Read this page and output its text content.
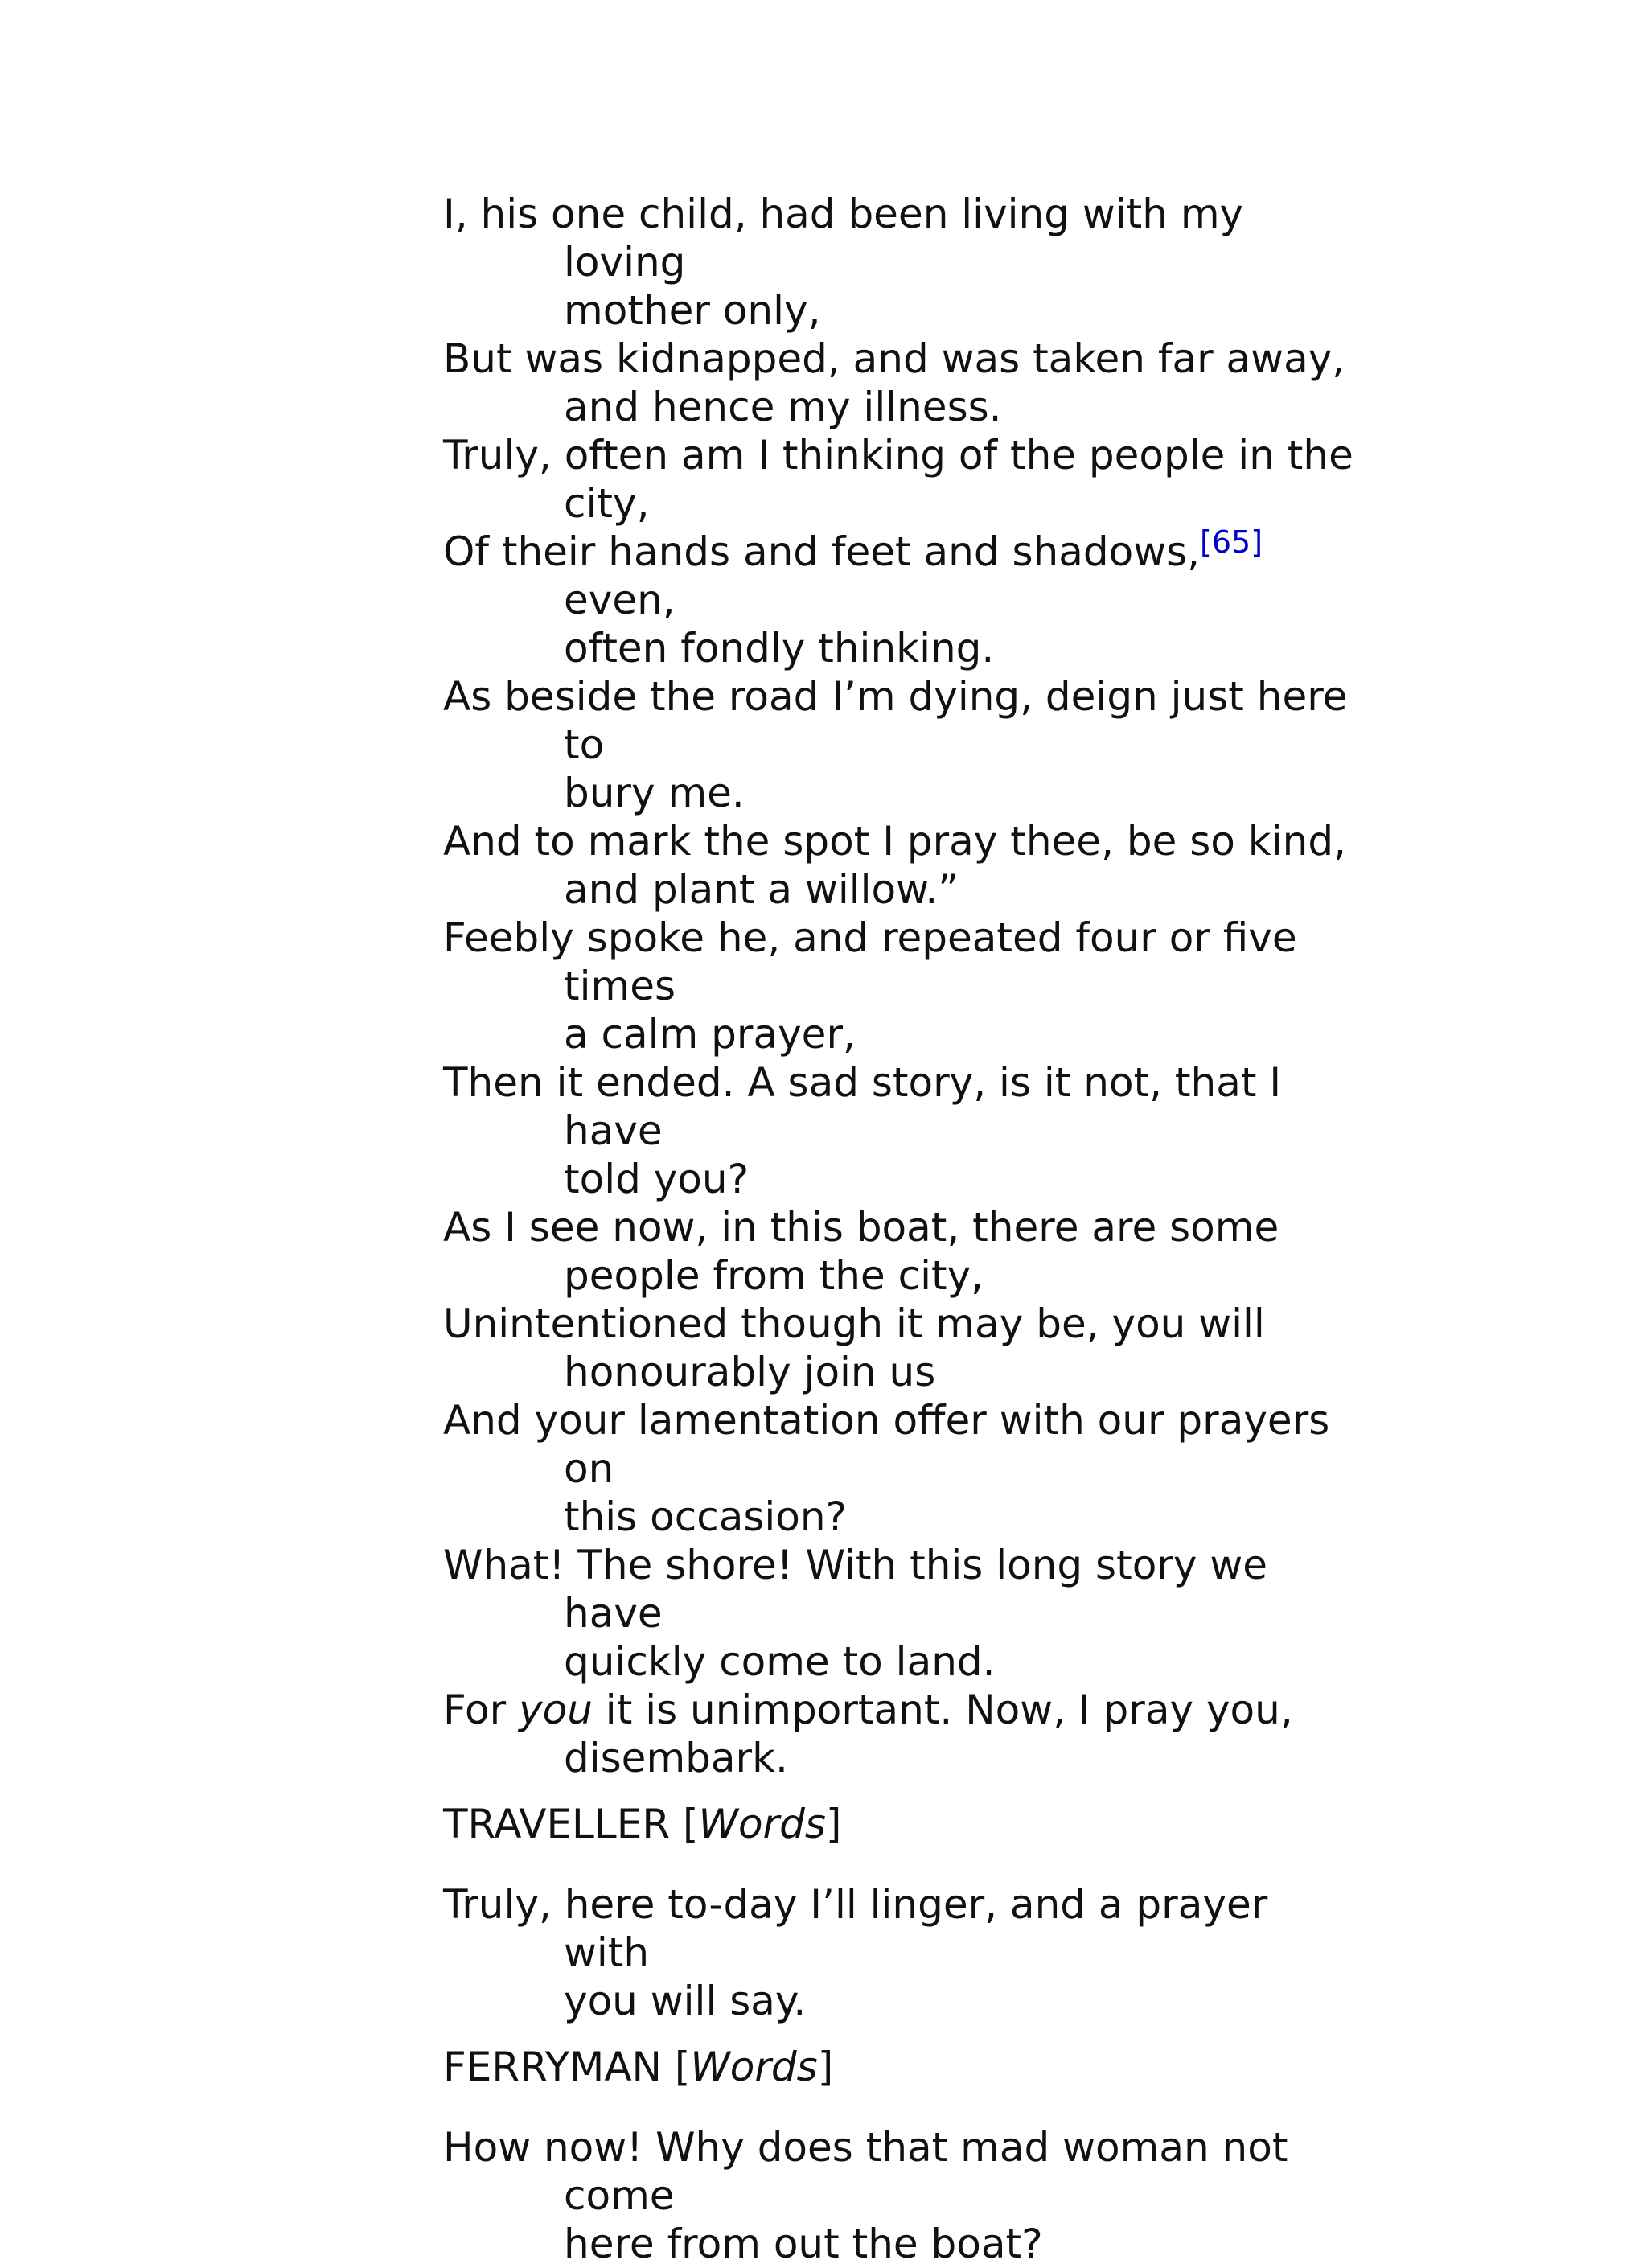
I, his one child, had been living with my loving
mother only,

But was kidnapped, and was taken far away,
and hence my illness.

Truly, often am I thinking of the people in the
city,

Of their hands and feet and shadows,[65] even,
often fondly thinking.

As beside the road I’m dying, deign just here to
bury me.

And to mark the spot I pray thee, be so kind,
and plant a willow.”

Feebly spoke he, and repeated four or five times
a calm prayer,

Then it ended. A sad story, is it not, that I have
told you?

As I see now, in this boat, there are some
people from the city,

Unintentioned though it may be, you will
honourably join us

And your lamentation offer with our prayers on
this occasion?

What! The shore! With this long story we have
quickly come to land.

For you it is unimportant. Now, I pray you,
disembark.

TRAVELLER [Words]

Truly, here to-day I’ll linger, and a prayer with
you will say.

FERRYMAN [Words]

How now! Why does that mad woman not come
here from out the boat?
